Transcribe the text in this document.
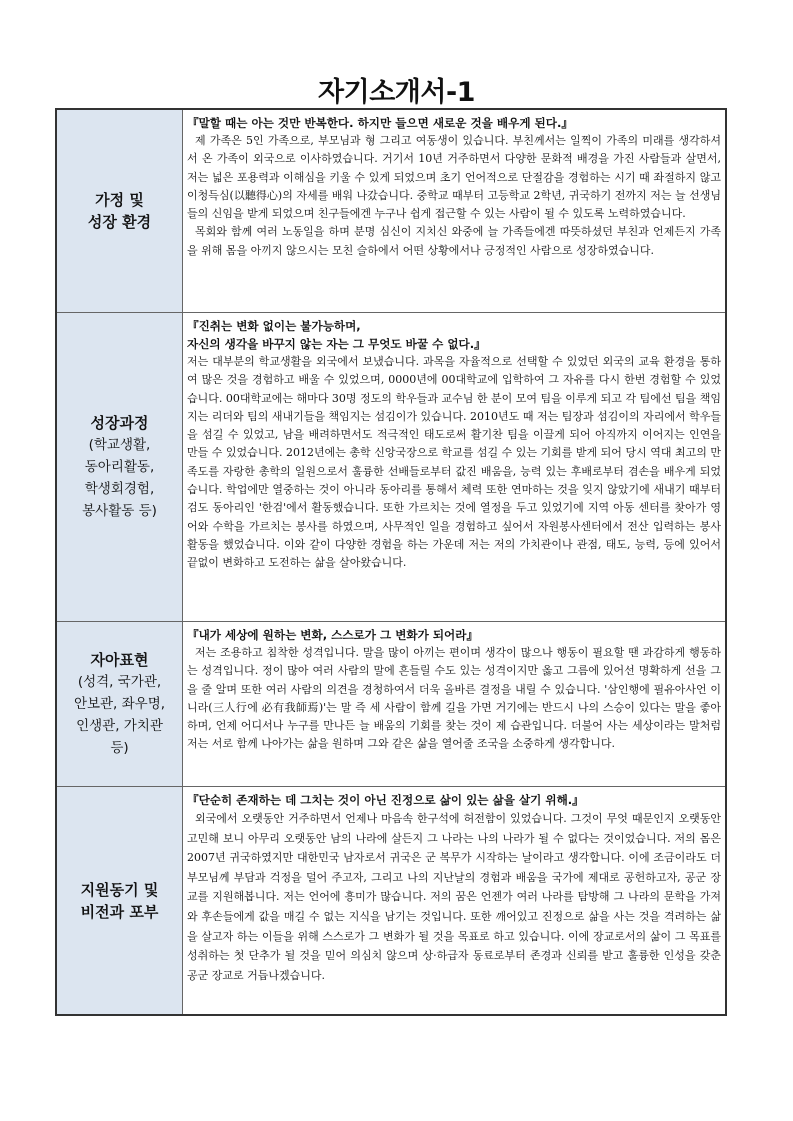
자기소개서-1
가정 및
성장 환경
『말할 때는 아는 것만 반복한다. 하지만 들으면 새로운 것을 배우게 된다.』

제 가족은 5인 가족으로, 부모님과 형 그리고 여동생이 있습니다. 부친께서는 일찍이 가족의 미래를 생각하셔서 온 가족이 외국으로 이사하였습니다. 거기서 10년 거주하면서 다양한 문화적 배경을 가진 사람들과 살면서, 저는 넓은 포용력과 이해심을 키울 수 있게 되었으며 초기 언어적으로 단절감을 경험하는 시기 때 좌절하지 않고 이청득심(以聽得心)의 자세를 배워 나갔습니다. 중학교 때부터 고등학교 2학년, 귀국하기 전까지 저는 늘 선생님들의 신임을 받게 되었으며 친구들에겐 누구나 쉽게 접근할 수 있는 사람이 될 수 있도록 노력하였습니다.

목회와 함께 여러 노동일을 하며 분명 심신이 지치신 와중에 늘 가족들에겐 따뜻하셨던 부친과 언제든지 가족을 위해 몸을 아끼지 않으시는 모친 슬하에서 어떤 상황에서나 긍정적인 사람으로 성장하였습니다.

성장과정
(학교생활,
동아리활동,
학생회경험,
봉사활동 등)
『진취는 변화 없이는 불가능하며,
자신의 생각을 바꾸지 않는 자는 그 무엇도 바꿀 수 없다.』

저는 대부분의 학교생활을 외국에서 보냈습니다. 과목을 자율적으로 선택할 수 있었던 외국의 교육 환경을 통하여 많은 것을 경험하고 배울 수 있었으며, 0000년에 00대학교에 입학하여 그 자유를 다시 한번 경험할 수 있었습니다. 00대학교에는 해마다 30명 정도의 학우들과 교수님 한 분이 모여 팀을 이루게 되고 각 팀에선 팀을 책임지는 리더와 팀의 새내기들을 책임지는 섬김이가 있습니다. 2010년도 때 저는 팀장과 섬김이의 자리에서 학우들을 섬길 수 있었고, 남을 배려하면서도 적극적인 태도로써 활기찬 팀을 이끌게 되어 아직까지 이어지는 인연을 만들 수 있었습니다. 2012년에는 총학 신앙국장으로 학교를 섬길 수 있는 기회를 받게 되어 당시 역대 최고의 만족도를 자랑한 총학의 일원으로서 훌륭한 선배들로부터 값진 배움을, 능력 있는 후배로부터 겸손을 배우게 되었습니다. 학업에만 열중하는 것이 아니라 동아리를 통해서 체력 또한 연마하는 것을 잊지 않았기에 새내기 때부터 검도 동아리인 '한검'에서 활동했습니다. 또한 가르치는 것에 열정을 두고 있었기에 지역 아동 센터를 찾아가 영어와 수학을 가르치는 봉사를 하였으며, 사무적인 일을 경험하고 싶어서 자원봉사센터에서 전산 입력하는 봉사활동을 했었습니다. 이와 같이 다양한 경험을 하는 가운데 저는 저의 가치관이나 관점, 태도, 능력, 등에 있어서 끝없이 변화하고 도전하는 삶을 살아왔습니다.

자아표현
(성격, 국가관,
안보관, 좌우명,
인생관, 가치관
등)
『내가 세상에 원하는 변화, 스스로가 그 변화가 되어라』

저는 조용하고 침착한 성격입니다. 말을 많이 아끼는 편이며 생각이 많으나 행동이 필요할 땐 과감하게 행동하는 성격입니다. 정이 많아 여러 사람의 말에 흔들릴 수도 있는 성격이지만 옳고 그름에 있어선 명확하게 선을 그을 줄 알며 또한 여러 사람의 의견을 경청하여서 더욱 올바른 결정을 내릴 수 있습니다. '삼인행에 필유아사언 이니라(三人行에 必有我師焉)'는 말 즉 세 사람이 함께 길을 가면 거기에는 반드시 나의 스승이 있다는 말을 좋아하며, 언제 어디서나 누구를 만나든 늘 배움의 기회를 찾는 것이 제 습관입니다. 더불어 사는 세상이라는 말처럼 저는 서로 함께 나아가는 삶을 원하며 그와 같은 삶을 열어줄 조국을 소중하게 생각합니다.

지원동기 및
비전과 포부
『단순히 존재하는 데 그치는 것이 아닌 진정으로 삶이 있는 삶을 살기 위해.』

외국에서 오랫동안 거주하면서 언제나 마음속 한구석에 허전함이 있었습니다. 그것이 무엇 때문인지 오랫동안 고민해 보니 아무리 오랫동안 남의 나라에 살든지 그 나라는 나의 나라가 될 수 없다는 것이었습니다. 저의 몸은 2007년 귀국하였지만 대한민국 남자로서 귀국은 군 복무가 시작하는 날이라고 생각합니다. 이에 조금이라도 더 부모님께 부담과 걱정을 덜어 주고자, 그리고 나의 지난날의 경험과 배움을 국가에 제대로 공헌하고자, 공군 장교를 지원해봅니다. 저는 언어에 흥미가 많습니다. 저의 꿈은 언젠가 여러 나라를 탐방해 그 나라의 문학을 가져와 후손들에게 값을 매길 수 없는 지식을 남기는 것입니다. 또한 깨어있고 진정으로 삶을 사는 것을 격려하는 삶을 살고자 하는 이들을 위해 스스로가 그 변화가 될 것을 목표로 하고 있습니다. 이에 장교로서의 삶이 그 목표를 성취하는 첫 단추가 될 것을 믿어 의심치 않으며 상·하급자 동료로부터 존경과 신뢰를 받고 훌륭한 인성을 갖춘 공군 장교로 거듭나겠습니다.
